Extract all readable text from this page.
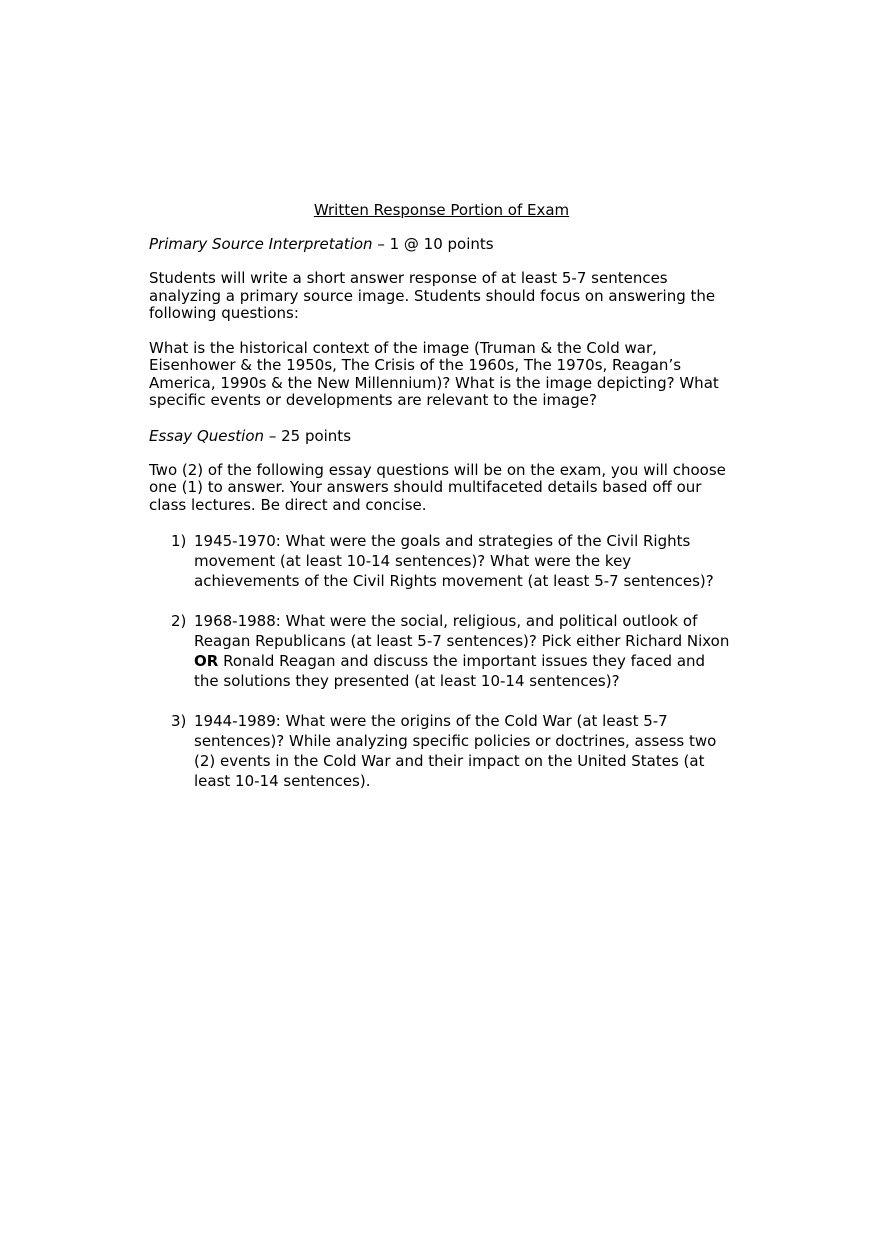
Written Response Portion of Exam
Primary Source Interpretation – 1 @ 10 points

Students will write a short answer response of at least 5-7 sentences analyzing a primary source image. Students should focus on answering the following questions:

What is the historical context of the image (Truman & the Cold war, Eisenhower & the 1950s, The Crisis of the 1960s, The 1970s, Reagan’s America, 1990s & the New Millennium)? What is the image depicting? What specific events or developments are relevant to the image?

Essay Question – 25 points

Two (2) of the following essay questions will be on the exam, you will choose one (1) to answer. Your answers should multifaceted details based off our class lectures. Be direct and concise.

1) 1945-1970: What were the goals and strategies of the Civil Rights movement (at least 10-14 sentences)? What were the key achievements of the Civil Rights movement (at least 5-7 sentences)?
2) 1968-1988: What were the social, religious, and political outlook of Reagan Republicans (at least 5-7 sentences)? Pick either Richard Nixon OR Ronald Reagan and discuss the important issues they faced and the solutions they presented (at least 10-14 sentences)?
3) 1944-1989: What were the origins of the Cold War (at least 5-7 sentences)? While analyzing specific policies or doctrines, assess two (2) events in the Cold War and their impact on the United States (at least 10-14 sentences).
